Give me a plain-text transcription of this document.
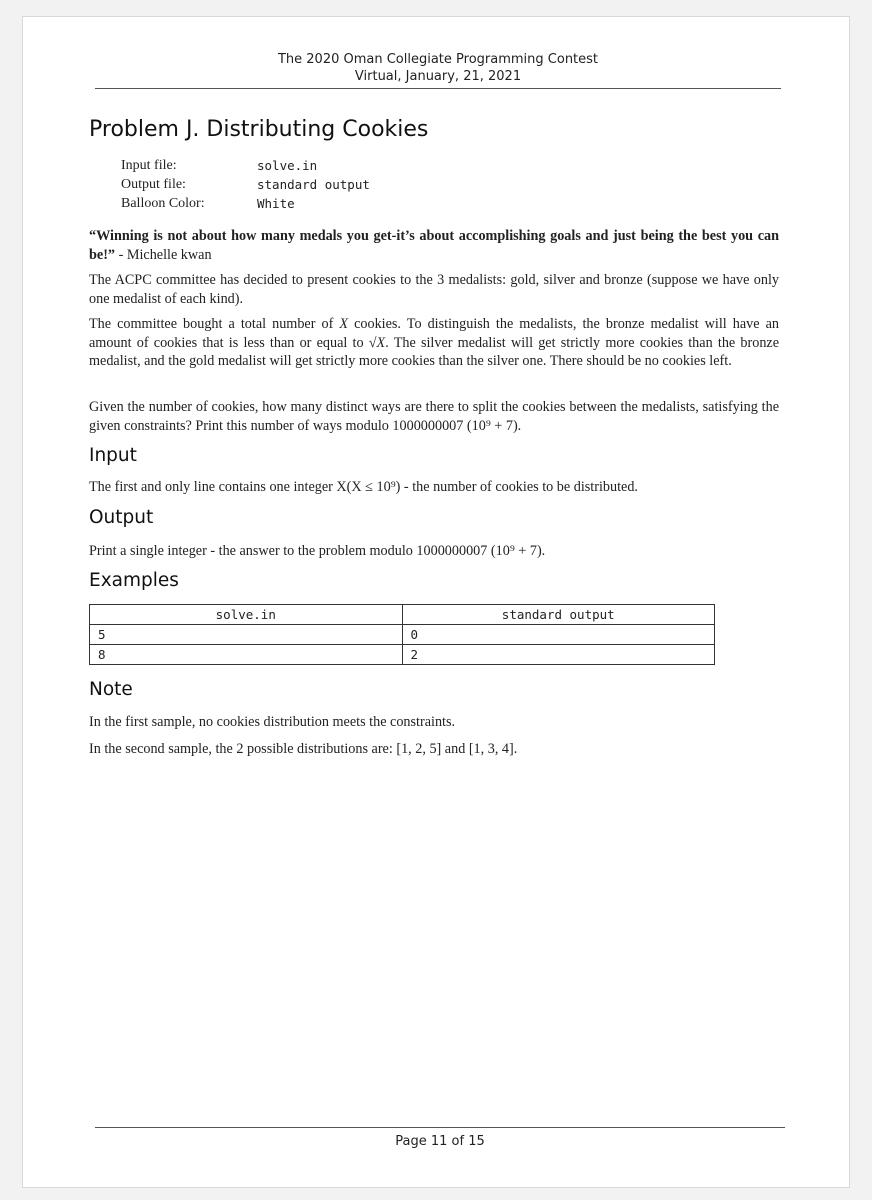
The 2020 Oman Collegiate Programming Contest
Virtual, January, 21, 2021
Problem J. Distributing Cookies
Input file:	solve.in
Output file:	standard output
Balloon Color:	White
“Winning is not about how many medals you get-it’s about accomplishing goals and just being the best you can be!” - Michelle kwan
The ACPC committee has decided to present cookies to the 3 medalists: gold, silver and bronze (suppose we have only one medalist of each kind).
The committee bought a total number of X cookies. To distinguish the medalists, the bronze medalist will have an amount of cookies that is less than or equal to √X. The silver medalist will get strictly more cookies than the bronze medalist, and the gold medalist will get strictly more cookies than the silver one. There should be no cookies left.
Given the number of cookies, how many distinct ways are there to split the cookies between the medalists, satisfying the given constraints? Print this number of ways modulo 1000000007 (10⁹ + 7).
Input
The first and only line contains one integer X(X ≤ 10⁹) - the number of cookies to be distributed.
Output
Print a single integer - the answer to the problem modulo 1000000007 (10⁹ + 7).
Examples
solve.in	standard output
5	0
8	2
Note
In the first sample, no cookies distribution meets the constraints.
In the second sample, the 2 possible distributions are: [1, 2, 5] and [1, 3, 4].
Page 11 of 15
